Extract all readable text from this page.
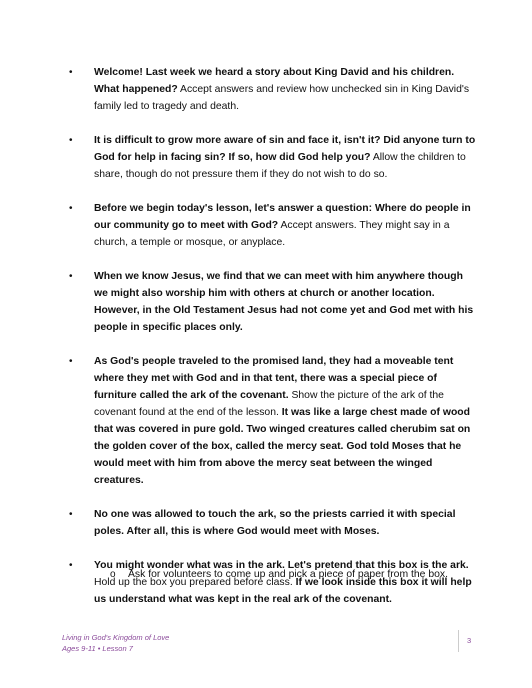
• Welcome! Last week we heard a story about King David and his children. What happened? Accept answers and review how unchecked sin in King David's family led to tragedy and death.
• It is difficult to grow more aware of sin and face it, isn't it? Did anyone turn to God for help in facing sin? If so, how did God help you? Allow the children to share, though do not pressure them if they do not wish to do so.
• Before we begin today's lesson, let's answer a question: Where do people in our community go to meet with God? Accept answers. They might say in a church, a temple or mosque, or anyplace.
• When we know Jesus, we find that we can meet with him anywhere though we might also worship him with others at church or another location. However, in the Old Testament Jesus had not come yet and God met with his people in specific places only.
• As God's people traveled to the promised land, they had a moveable tent where they met with God and in that tent, there was a special piece of furniture called the ark of the covenant. Show the picture of the ark of the covenant found at the end of the lesson. It was like a large chest made of wood that was covered in pure gold. Two winged creatures called cherubim sat on the golden cover of the box, called the mercy seat. God told Moses that he would meet with him from above the mercy seat between the winged creatures.
• No one was allowed to touch the ark, so the priests carried it with special poles. After all, this is where God would meet with Moses.
• You might wonder what was in the ark. Let's pretend that this box is the ark. Hold up the box you prepared before class. If we look inside this box it will help us understand what was kept in the real ark of the covenant.
o Ask for volunteers to come up and pick a piece of paper from the box.
Living in God's Kingdom of Love
Ages 9-11 • Lesson 7
3
